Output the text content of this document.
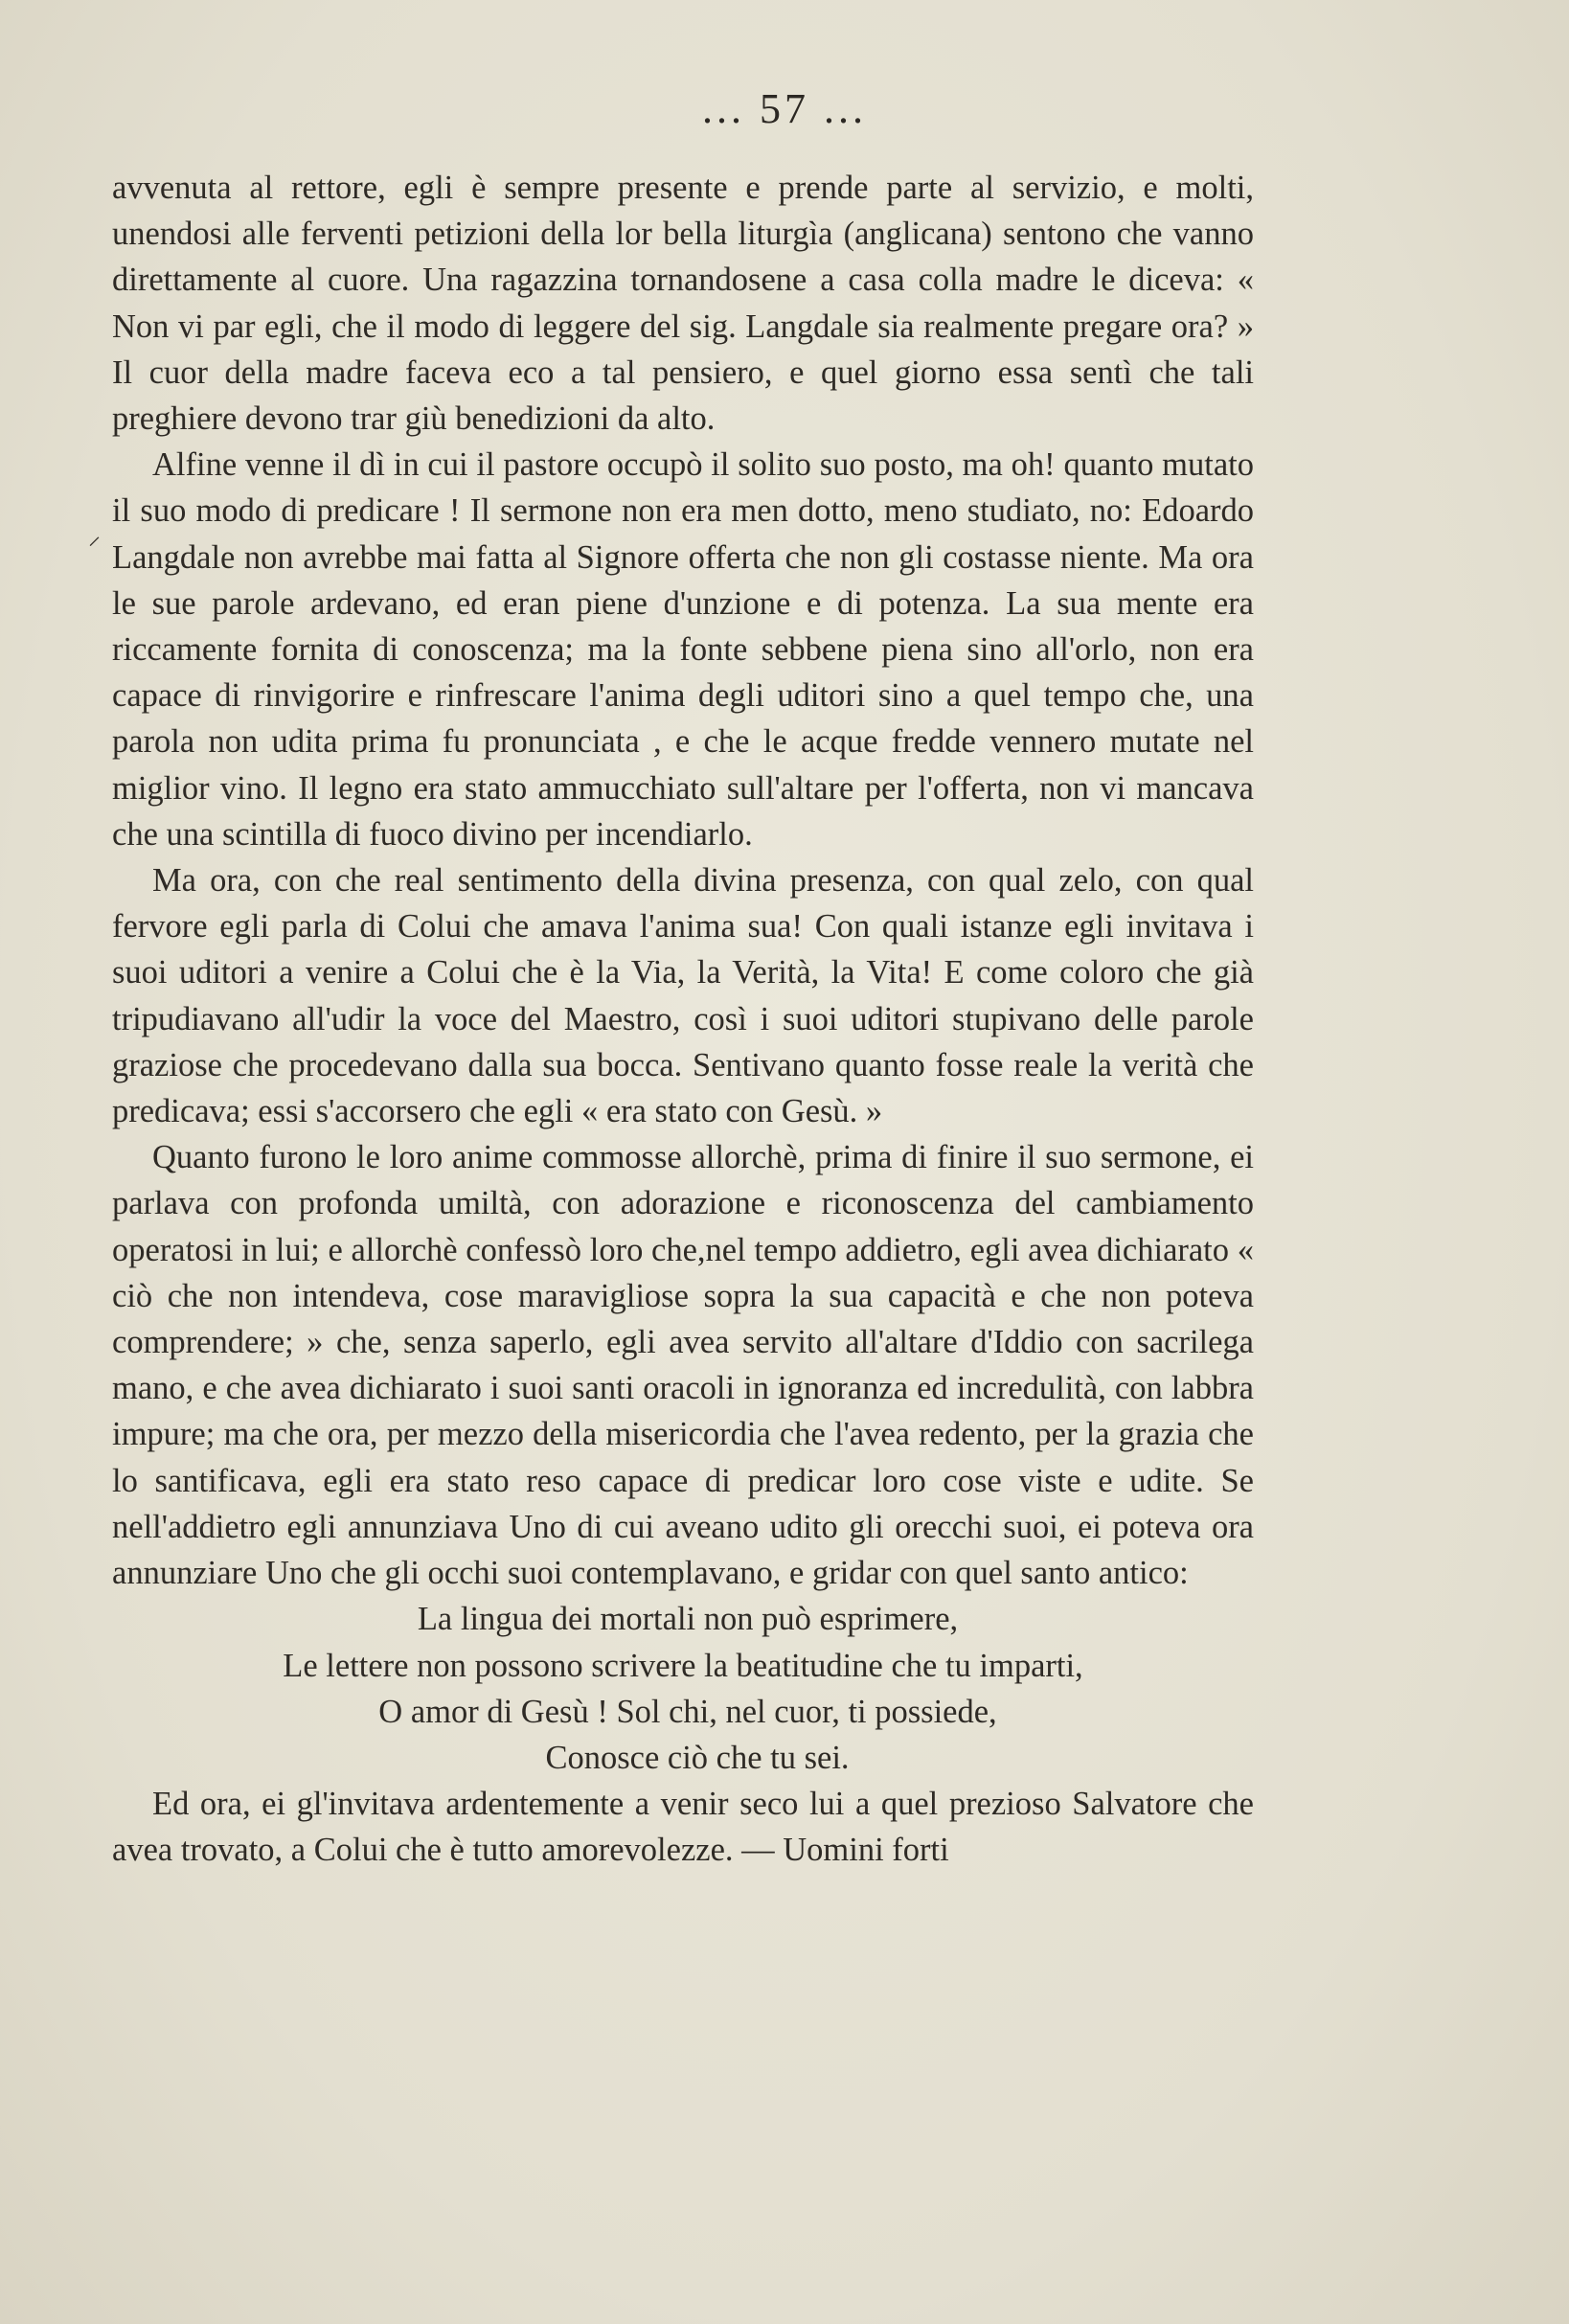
... 57 ...

avvenuta al rettore, egli è sempre presente e prende parte al servizio, e molti, unendosi alle ferventi petizioni della lor bella liturgìa (anglicana) sentono che vanno direttamente al cuore. Una ragazzina tornandosene a casa colla madre le diceva: « Non vi par egli, che il modo di leggere del sig. Langdale sia realmente pregare ora? » Il cuor della madre faceva eco a tal pensiero, e quel giorno essa sentì che tali preghiere devono trar giù benedizioni da alto.

Alfine venne il dì in cui il pastore occupò il solito suo posto, ma oh! quanto mutato il suo modo di predicare ! Il sermone non era men dotto, meno studiato, no: Edoardo Langdale non avrebbe mai fatta al Signore offerta che non gli costasse niente. Ma ora le sue parole ardevano, ed eran piene d'unzione e di potenza. La sua mente era riccamente fornita di conoscenza; ma la fonte sebbene piena sino all'orlo, non era capace di rinvigorire e rinfrescare l'anima degli uditori sino a quel tempo che, una parola non udita prima fu pronunciata , e che le acque fredde vennero mutate nel miglior vino. Il legno era stato ammucchiato sull'altare per l'offerta, non vi mancava che una scintilla di fuoco divino per incendiarlo.

Ma ora, con che real sentimento della divina presenza, con qual zelo, con qual fervore egli parla di Colui che amava l'anima sua! Con quali istanze egli invitava i suoi uditori a venire a Colui che è la Via, la Verità, la Vita! E come coloro che già tripudiavano all'udir la voce del Maestro, così i suoi uditori stupivano delle parole graziose che procedevano dalla sua bocca. Sentivano quanto fosse reale la verità che predicava; essi s'accorsero che egli « era stato con Gesù. »

Quanto furono le loro anime commosse allorchè, prima di finire il suo sermone, ei parlava con profonda umiltà, con adorazione e riconoscenza del cambiamento operatosi in lui; e allorchè confessò loro che,nel tempo addietro, egli avea dichiarato « ciò che non intendeva, cose maravigliose sopra la sua capacità e che non poteva comprendere; » che, senza saperlo, egli avea servito all'altare d'Iddio con sacrilega mano, e che avea dichiarato i suoi santi oracoli in ignoranza ed incredulità, con labbra impure; ma che ora, per mezzo della misericordia che l'avea redento, per la grazia che lo santificava, egli era stato reso capace di predicar loro cose viste e udite. Se nell'addietro egli annunziava Uno di cui aveano udito gli orecchi suoi, ei poteva ora annunziare Uno che gli occhi suoi contemplavano, e gridar con quel santo antico:

La lingua dei mortali non può esprimere,
Le lettere non possono scrivere la beatitudine che tu imparti,
O amor di Gesù ! Sol chi, nel cuor, ti possiede,
Conosce ciò che tu sei.

Ed ora, ei gl'invitava ardentemente a venir seco lui a quel prezioso Salvatore che avea trovato, a Colui che è tutto amorevolezze. — Uomini forti

⸝
